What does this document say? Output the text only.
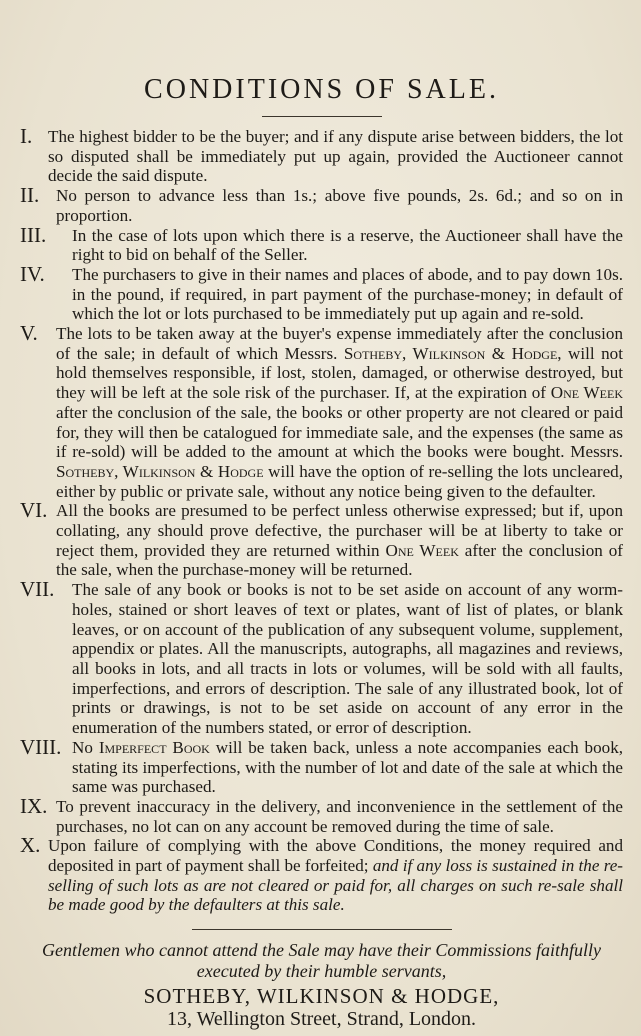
CONDITIONS OF SALE.
I. The highest bidder to be the buyer; and if any dispute arise between bidders, the lot so disputed shall be immediately put up again, provided the Auctioneer cannot decide the said dispute.
II. No person to advance less than 1s.; above five pounds, 2s. 6d.; and so on in proportion.
III.	In the case of lots upon which there is a reserve, the Auctioneer shall have the right to bid on behalf of the Seller.
IV.	The purchasers to give in their names and places of abode, and to pay down 10s. in the pound, if required, in part payment of the purchase-money; in default of which the lot or lots purchased to be immediately put up again and re-sold.
V.	The lots to be taken away at the buyer's expense immediately after the conclusion of the sale; in default of which Messrs. Sotheby, Wilkinson & Hodge, will not hold themselves responsible, if lost, stolen, damaged, or otherwise destroyed, but they will be left at the sole risk of the purchaser. If, at the expiration of One Week after the conclusion of the sale, the books or other property are not cleared or paid for, they will then be catalogued for immediate sale, and the expenses (the same as if re-sold) will be added to the amount at which the books were bought. Messrs. Sotheby, Wilkinson & Hodge will have the option of re-selling the lots uncleared, either by public or private sale, without any notice being given to the defaulter.
VI. All the books are presumed to be perfect unless otherwise expressed; but if, upon collating, any should prove defective, the purchaser will be at liberty to take or reject them, provided they are returned within One Week after the conclusion of the sale, when the purchase-money will be returned.
VII.	The sale of any book or books is not to be set aside on account of any worm-holes, stained or short leaves of text or plates, want of list of plates, or blank leaves, or on account of the publication of any subsequent volume, supplement, appendix or plates. All the manuscripts, autographs, all magazines and reviews, all books in lots, and all tracts in lots or volumes, will be sold with all faults, imperfections, and errors of description. The sale of any illustrated book, lot of prints or drawings, is not to be set aside on account of any error in the enumeration of the numbers stated, or error of description.
VIII. No Imperfect Book will be taken back, unless a note accompanies each book, stating its imperfections, with the number of lot and date of the sale at which the same was purchased.
IX. To prevent inaccuracy in the delivery, and inconvenience in the settlement of the purchases, no lot can on any account be removed during the time of sale.
X. Upon failure of complying with the above Conditions, the money required and deposited in part of payment shall be forfeited; and if any loss is sustained in the re-selling of such lots as are not cleared or paid for, all charges on such re-sale shall be made good by the defaulters at this sale.
Gentlemen who cannot attend the Sale may have their Commissions faithfully
executed by their humble servants,
SOTHEBY, WILKINSON & HODGE,
13, Wellington Street, Strand, London.
